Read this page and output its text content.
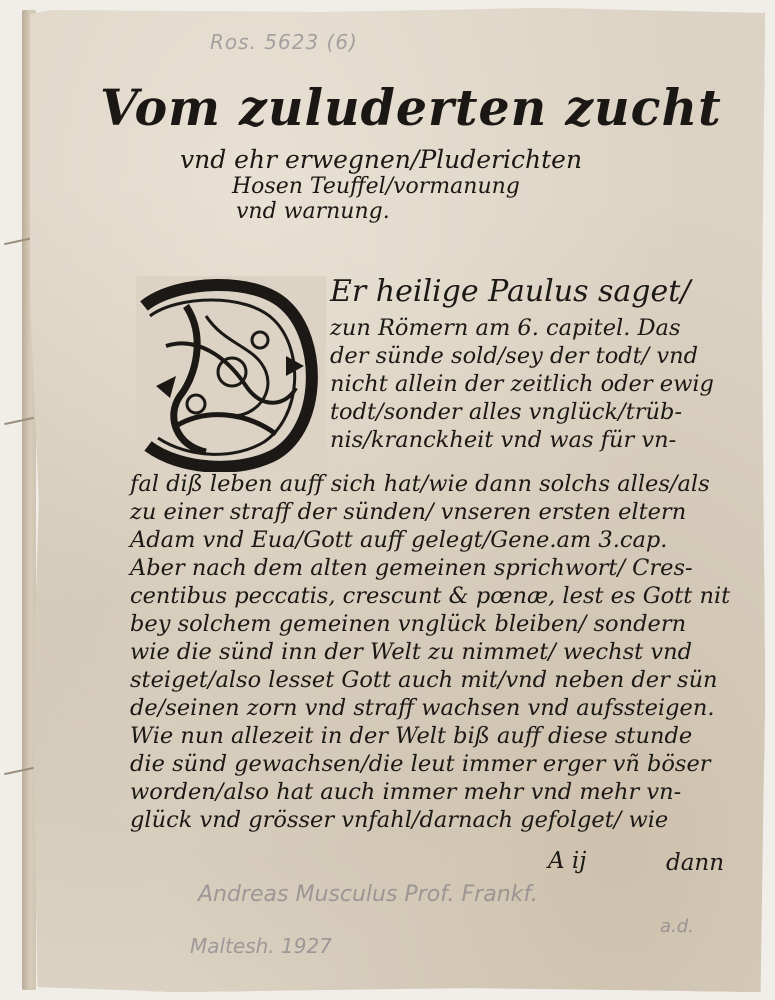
Ros. 5623 (6)
Vom zuluderten zucht
vnd ehr erwegnen/Pluderichten
Hosen Teuffel/vormanung
vnd warnung.
Er heilige Paulus saget/
zun Römern am 6. capitel. Das
der sünde sold/sey der todt/ vnd
nicht allein der zeitlich oder ewig
todt/sonder alles vnglück/trüb-
nis/kranckheit vnd was für vn-
fal diß leben auff sich hat/wie dann solchs alles/als
zu einer straff der sünden/ vnseren ersten eltern
Adam vnd Eua/Gott auff gelegt/Gene.am 3.cap.
Aber nach dem alten gemeinen sprichwort/ Cres-
centibus peccatis, crescunt & pœnæ, lest es Gott nit
bey solchem gemeinen vnglück bleiben/ sondern
wie die sünd inn der Welt zu nimmet/ wechst vnd
steiget/also lesset Gott auch mit/vnd neben der sün
de/seinen zorn vnd straff wachsen vnd aufssteigen.
Wie nun allezeit in der Welt biß auff diese stunde
die sünd gewachsen/die leut immer erger vñ böser
worden/also hat auch immer mehr vnd mehr vn-
glück vnd grösser vnfahl/darnach gefolget/ wie
A ij	dann
Andreas Musculus Prof. Frankf.
a.d.
Maltesh. 1927
